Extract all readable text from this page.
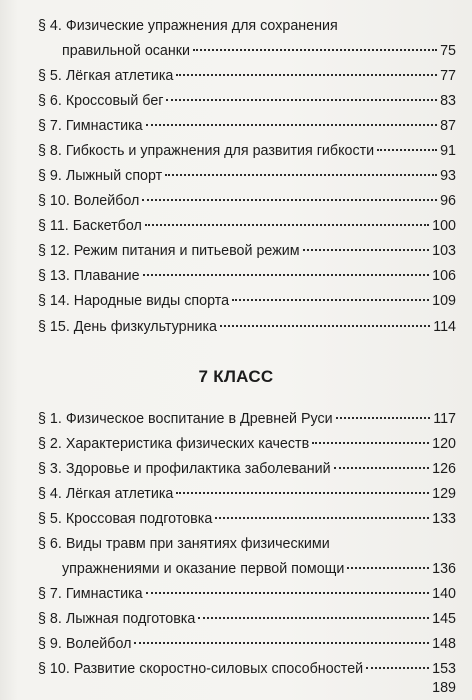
§ 4. Физические упражнения для сохранения
правильной осанки	75
§ 5. Лёгкая атлетика	77
§ 6. Кроссовый бег	83
§ 7. Гимнастика	87
§ 8. Гибкость и упражнения для развития гибкости	91
§ 9. Лыжный спорт	93
§ 10. Волейбол	96
§ 11. Баскетбол	100
§ 12. Режим питания и питьевой режим	103
§ 13. Плавание	106
§ 14. Народные виды спорта	109
§ 15. День физкультурника	114
7 КЛАСС
§ 1. Физическое воспитание в Древней Руси	117
§ 2. Характеристика физических качеств	120
§ 3. Здоровье и профилактика заболеваний	126
§ 4. Лёгкая атлетика	129
§ 5. Кроссовая подготовка	133
§ 6. Виды травм при занятиях физическими
упражнениями и оказание первой помощи	136
§ 7. Гимнастика	140
§ 8. Лыжная подготовка	145
§ 9. Волейбол	148
§ 10. Развитие скоростно-силовых способностей	153
189
